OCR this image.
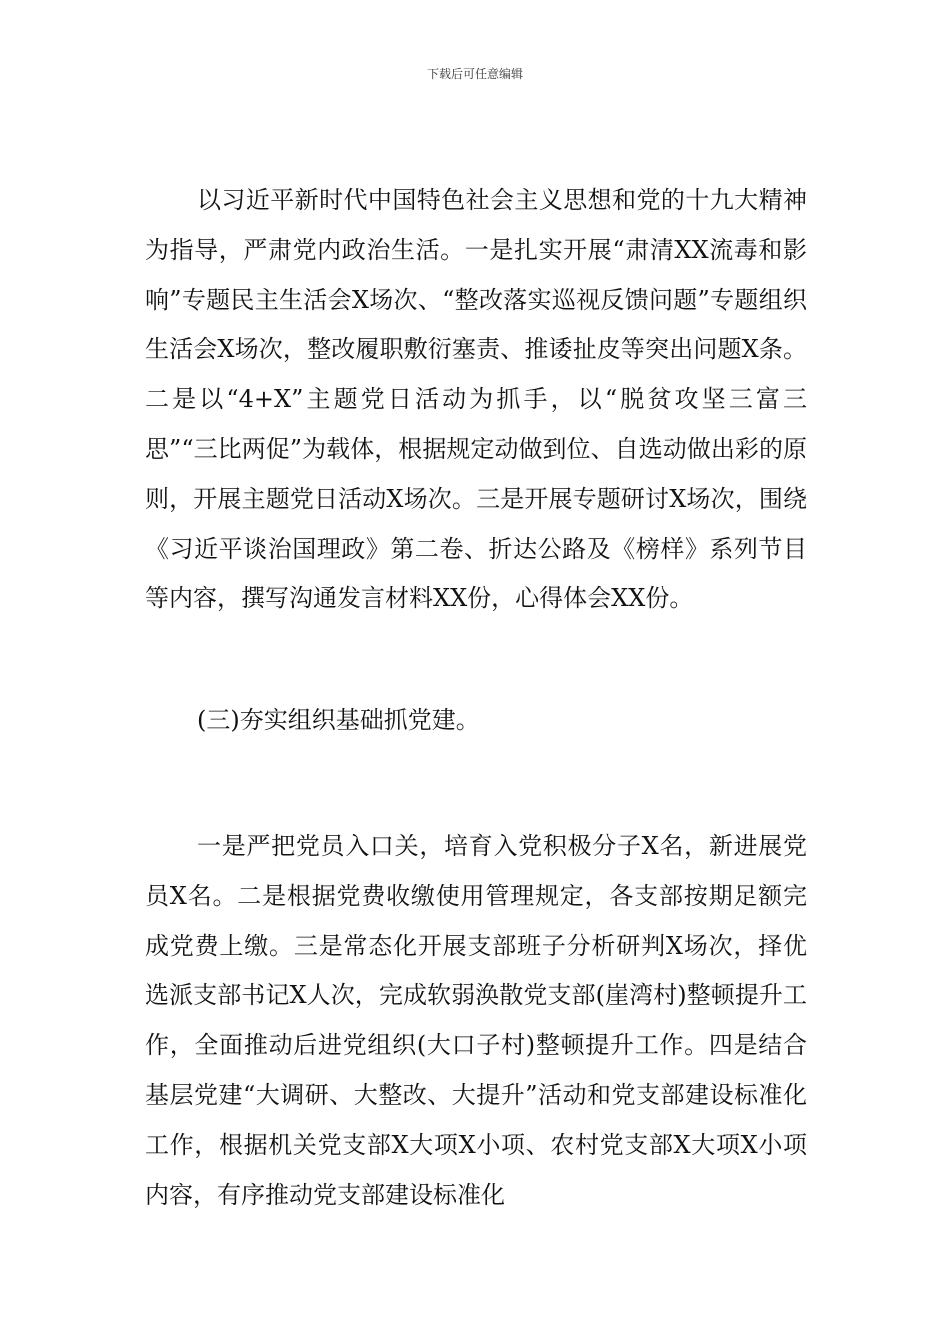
下载后可任意编辑
以习近平新时代中国特色社会主义思想和党的十九大精神为指导，严肃党内政治生活。一是扎实开展“肃清XX流毒和影响”专题民主生活会X场次、“整改落实巡视反馈问题”专题组织生活会X场次，整改履职敷衍塞责、推诿扯皮等突出问题X条。二是以“4+X”主题党日活动为抓手，以“脱贫攻坚三富三思”“三比两促”为载体，根据规定动做到位、自选动做出彩的原则，开展主题党日活动X场次。三是开展专题研讨X场次，围绕《习近平谈治国理政》第二卷、折达公路及《榜样》系列节目等内容，撰写沟通发言材料XX份，心得体会XX份。
(三)夯实组织基础抓党建。
一是严把党员入口关，培育入党积极分子X名，新进展党员X名。二是根据党费收缴使用管理规定，各支部按期足额完成党费上缴。三是常态化开展支部班子分析研判X场次，择优选派支部书记X人次，完成软弱涣散党支部(崖湾村)整顿提升工作，全面推动后进党组织(大口子村)整顿提升工作。四是结合基层党建“大调研、大整改、大提升”活动和党支部建设标准化工作，根据机关党支部X大项X小项、农村党支部X大项X小项内容，有序推动党支部建设标准化
